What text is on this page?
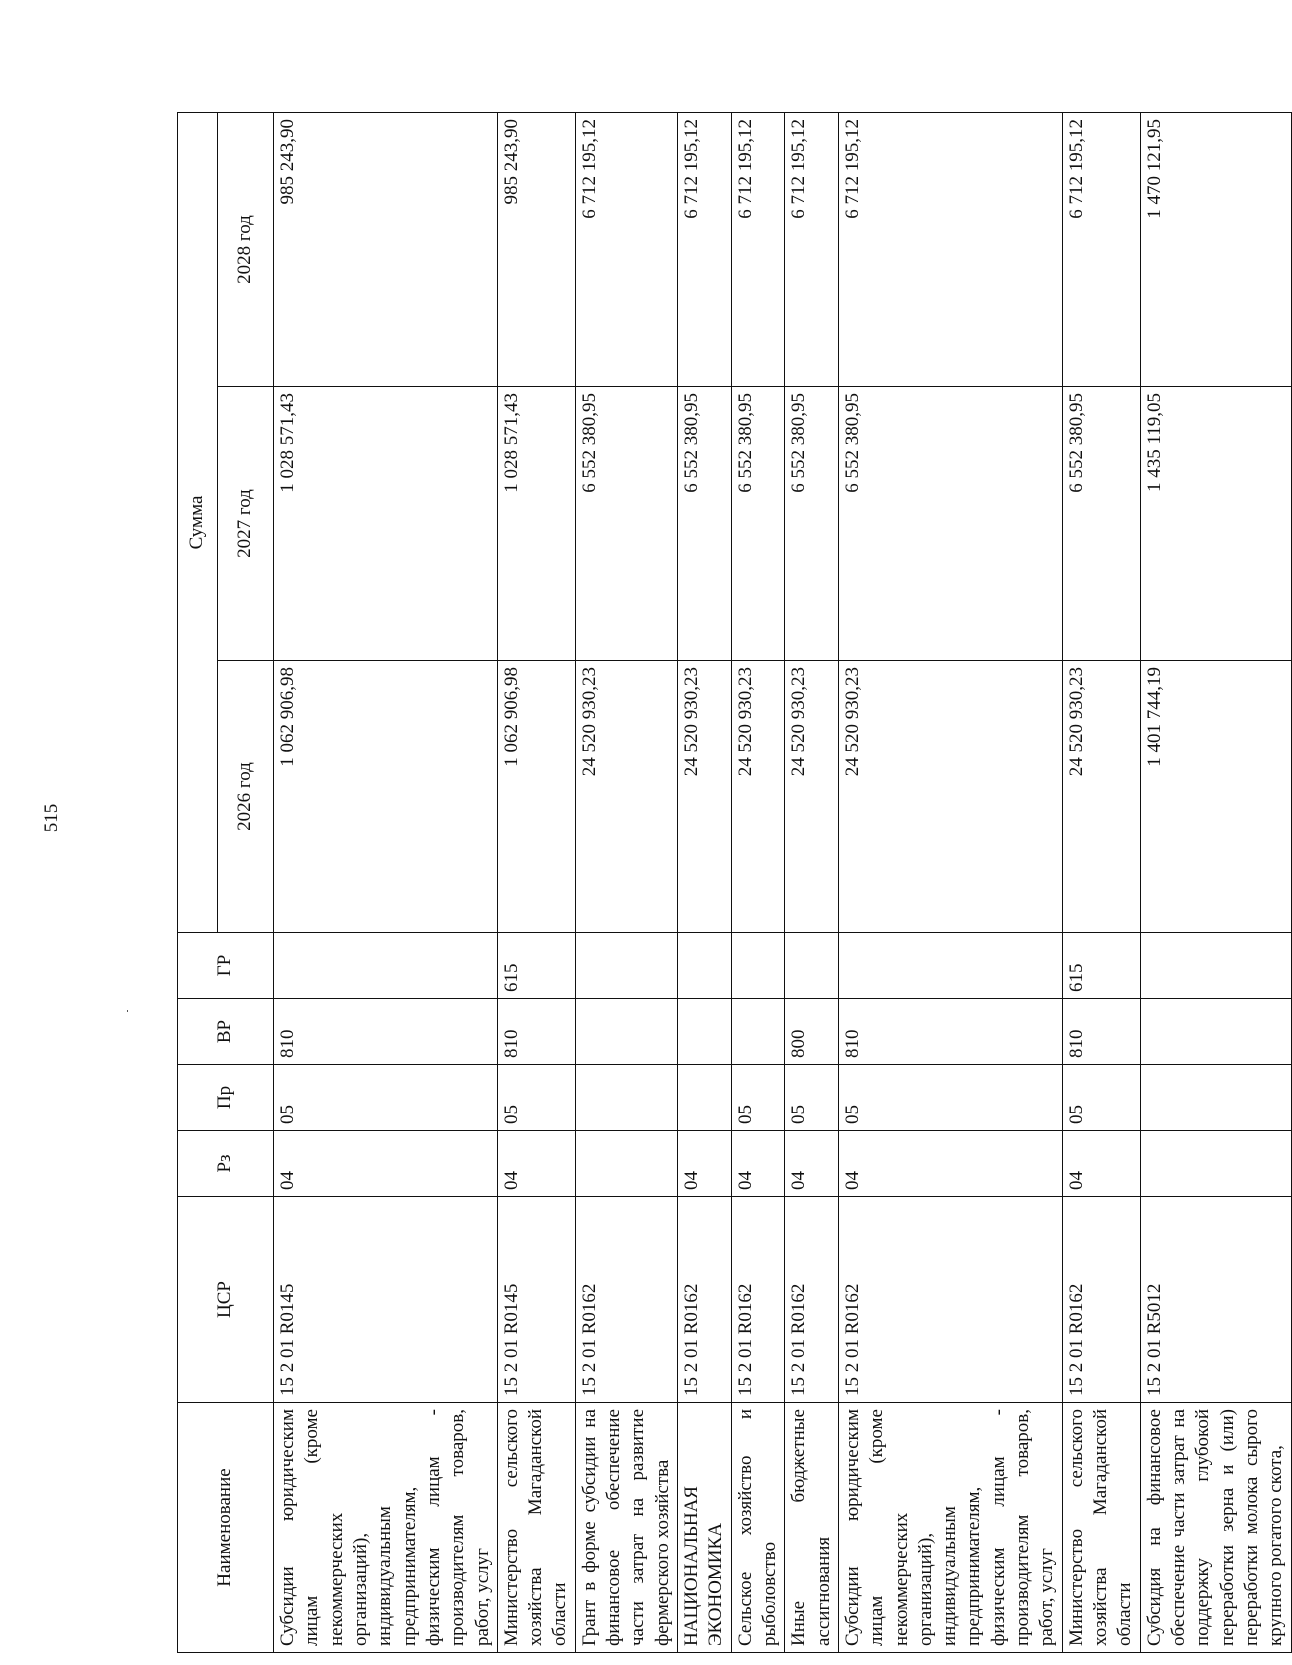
515
Наименование	ЦСР	Рз	Пр	ВР	ГР	Сумма		
						2026 год	2027 год	2028 год
Субсидии юридическим лицам (кроме некоммерческих организаций), индивидуальным предпринимателям, физическим лицам - производителям товаров, работ, услуг	15 2 01 R0145	04	05	810		1 062 906,98	1 028 571,43	985 243,90
Министерство сельского хозяйства Магаданской области	15 2 01 R0145	04	05	810	615	1 062 906,98	1 028 571,43	985 243,90
Грант в форме субсидии на финансовое обеспечение части затрат на развитие фермерского хозяйства	15 2 01 R0162					24 520 930,23	6 552 380,95	6 712 195,12
НАЦИОНАЛЬНАЯ ЭКОНОМИКА	15 2 01 R0162	04				24 520 930,23	6 552 380,95	6 712 195,12
Сельское хозяйство и рыболовство	15 2 01 R0162	04	05			24 520 930,23	6 552 380,95	6 712 195,12
Иные бюджетные ассигнования	15 2 01 R0162	04	05	800		24 520 930,23	6 552 380,95	6 712 195,12
Субсидии юридическим лицам (кроме некоммерческих организаций), индивидуальным предпринимателям, физическим лицам - производителям товаров, работ, услуг	15 2 01 R0162	04	05	810		24 520 930,23	6 552 380,95	6 712 195,12
Министерство сельского хозяйства Магаданской области	15 2 01 R0162	04	05	810	615	24 520 930,23	6 552 380,95	6 712 195,12
Субсидия на финансовое обеспечение части затрат на поддержку глубокой переработки зерна и (или) переработки молока сырого крупного рогатого скота,	15 2 01 R5012					1 401 744,19	1 435 119,05	1 470 121,95
